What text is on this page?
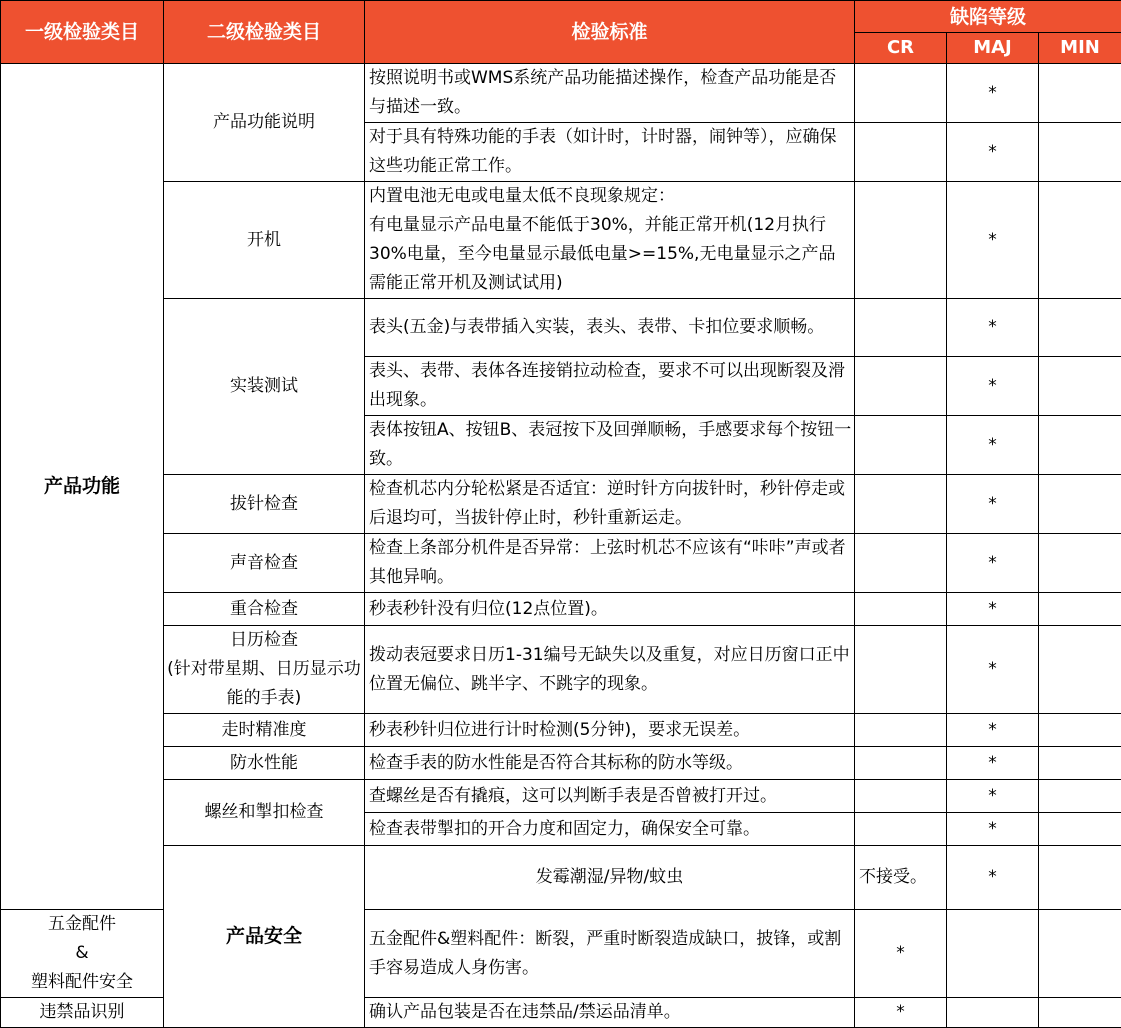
一级检验类目	二级检验类目	检验标准	缺陷等级			
			CR	MAJ	MIN	
产品功能	产品功能说明	按照说明书或WMS系统产品功能描述操作，检查产品功能是否与描述一致。		*		
		对于具有特殊功能的手表（如计时，计时器，闹钟等），应确保这些功能正常工作。		*		
	开机	内置电池无电或电量太低不良现象规定：
有电量显示产品电量不能低于30%，并能正常开机(12月执行30%电量，至今电量显示最低电量>=15%,无电量显示之产品需能正常开机及测试试用)		*		
	实装测试	表头(五金)与表带插入实装，表头、表带、卡扣位要求顺畅。		*		
		表头、表带、表体各连接销拉动检查，要求不可以出现断裂及滑出现象。		*		
		表体按钮A、按钮B、表冠按下及回弹顺畅，手感要求每个按钮一致。		*		
	拔针检查	检查机芯内分轮松紧是否适宜：逆时针方向拔针时，秒针停走或后退均可，当拔针停止时，秒针重新运走。		*		
	声音检查	检查上条部分机件是否异常：上弦时机芯不应该有“咔咔”声或者其他异响。		*		
	重合检查	秒表秒针没有归位(12点位置)。		*		

	日历检查
(针对带星期、日历显示功能的手表)	拨动表冠要求日历1-31编号无缺失以及重复，对应日历窗口正中位置无偏位、跳半字、不跳字的现象。		*		
	走时精准度	秒表秒针归位进行计时检测(5分钟)，要求无误差。		*		
	防水性能	检查手表的防水性能是否符合其标称的防水等级。		*		
	螺丝和掣扣检查	查螺丝是否有撬痕，这可以判断手表是否曾被打开过。		*		
		检查表带掣扣的开合力度和固定力，确保安全可靠。		*		
	产品安全	发霉潮湿/异物/蚊虫	不接受。	*		

五金配件
&
塑料配件安全		五金配件&塑料配件：断裂，严重时断裂造成缺口，披锋，或割手容易造成人身伤害。	*			
违禁品识别		确认产品包装是否在违禁品/禁运品清单。	*			
